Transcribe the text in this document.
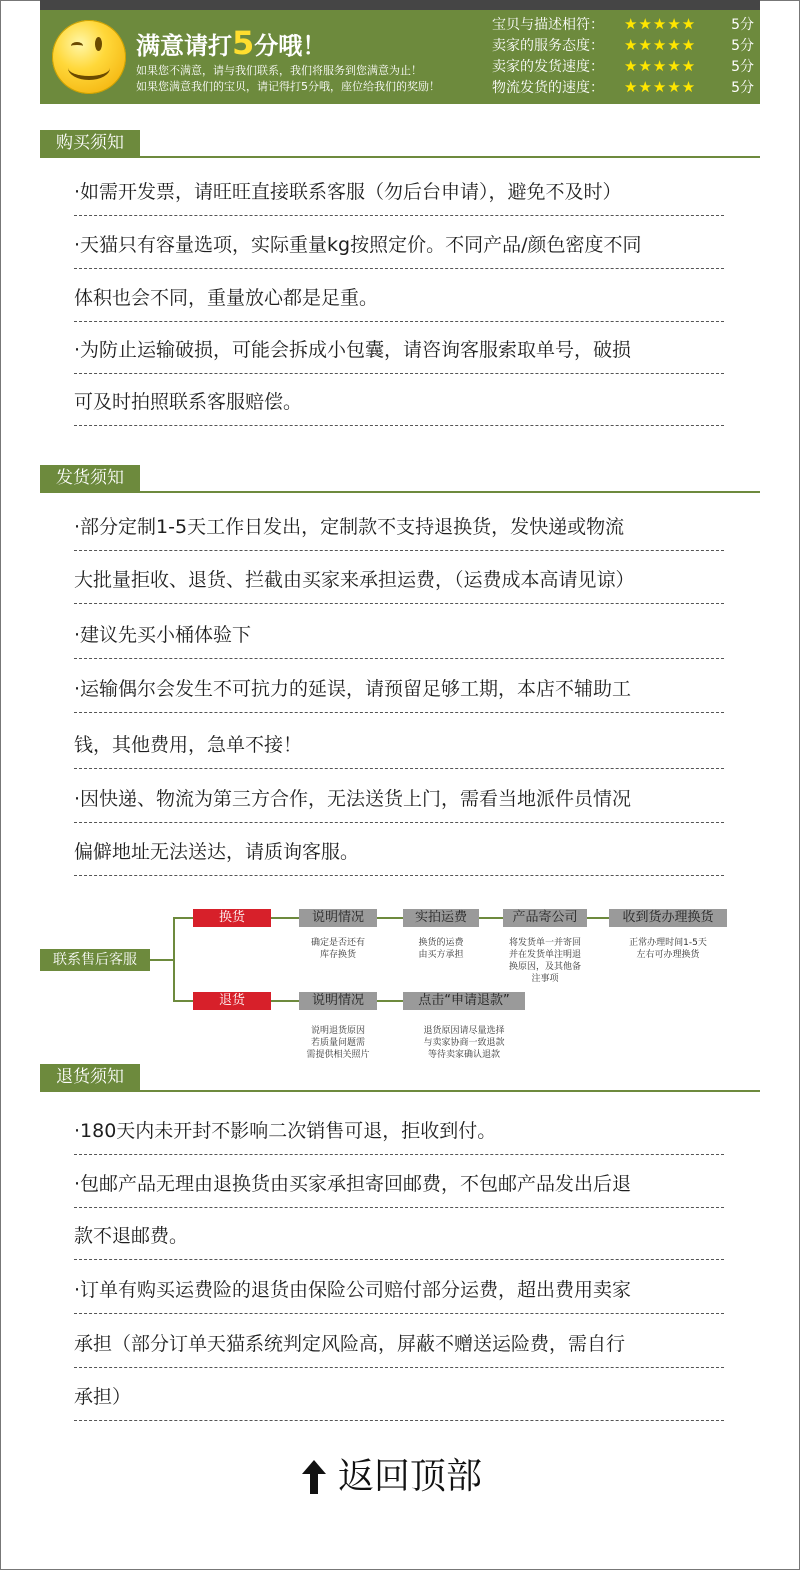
满意请打5分哦！
如果您不满意，请与我们联系，我们将服务到您满意为止！
如果您满意我们的宝贝，请记得打5分哦，座位给我们的奖励！
宝贝与描述相符：	★★★★★	5分
卖家的服务态度：	★★★★★	5分
卖家的发货速度：	★★★★★	5分
物流发货的速度：	★★★★★	5分
购买须知
·如需开发票，请旺旺直接联系客服（勿后台申请），避免不及时）
·天猫只有容量选项，实际重量kg按照定价。不同产品/颜色密度不同
体积也会不同，重量放心都是足重。
·为防止运输破损，可能会拆成小包囊，请咨询客服索取单号，破损
可及时拍照联系客服赔偿。
发货须知
·部分定制1-5天工作日发出，定制款不支持退换货，发快递或物流
大批量拒收、退货、拦截由买家来承担运费，（运费成本高请见谅）
·建议先买小桶体验下
·运输偶尔会发生不可抗力的延误，请预留足够工期，本店不辅助工
钱，其他费用，急单不接！
·因快递、物流为第三方合作，无法送货上门，需看当地派件员情况
偏僻地址无法送达，请质询客服。
联系售后客服
换货	说明情况	实拍运费	产品寄公司	收到货办理换货
确定是否还有
库存换货
换货的运费
由买方承担
将发货单一并寄回
并在发货单注明退
换原因，及其他备
注事项
正常办理时间1-5天
左右可办理换货
退货	说明情况	点击“申请退款”
说明退货原因
若质量问题需
需提供相关照片
退货原因请尽量选择
与卖家协商一致退款
等待卖家确认退款
退货须知
·180天内未开封不影响二次销售可退，拒收到付。
·包邮产品无理由退换货由买家承担寄回邮费，不包邮产品发出后退
款不退邮费。
·订单有购买运费险的退货由保险公司赔付部分运费，超出费用卖家
承担（部分订单天猫系统判定风险高，屏蔽不赠送运险费，需自行
承担）
返回顶部
